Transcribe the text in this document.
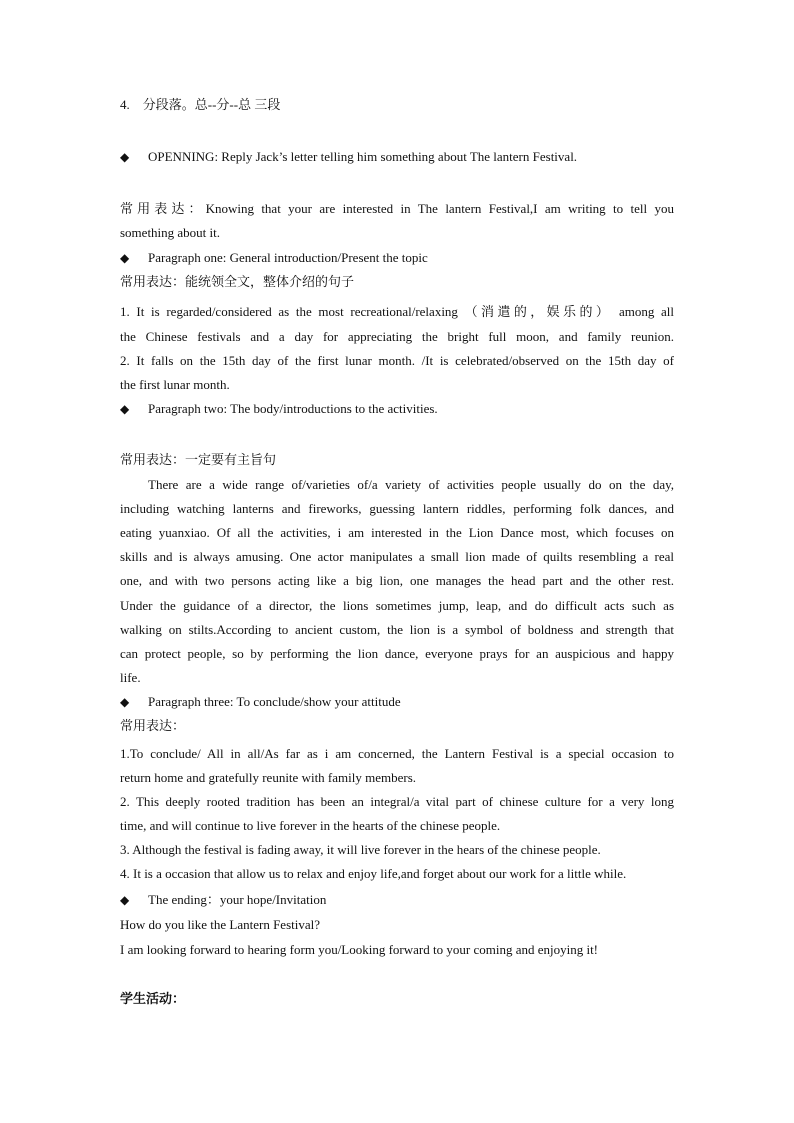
4.    分段落。总--分--总 三段
◆ OPENNING: Reply Jack’s letter telling him something about The lantern Festival.
常用表达：Knowing that your are interested in The lantern Festival,I am writing to tell you
something about it.
◆ Paragraph one: General introduction/Present the topic
常用表达：能统领全文，整体介绍的句子
1. It is regarded/considered as the most recreational/relaxing （消遣的，娱乐的） among all
the Chinese festivals and a day for appreciating the bright full moon, and family reunion.
2. It falls on the 15th day of the first lunar month. /It is celebrated/observed on the 15th day of
the first lunar month.
◆ Paragraph two: The body/introductions to the activities.
常用表达：一定要有主旨句
There are a wide range of/varieties of/a variety of activities people usually do on the day,
including watching lanterns and fireworks, guessing lantern riddles, performing folk dances, and
eating yuanxiao. Of all the activities, i am interested in the Lion Dance most, which focuses on
skills and is always amusing. One actor manipulates a small lion made of quilts resembling a real
one, and with two persons acting like a big lion, one manages the head part and the other rest.
Under the guidance of a director, the lions sometimes jump, leap, and do difficult acts such as
walking on stilts.According to ancient custom, the lion is a symbol of boldness and strength that
can protect people, so by performing the lion dance, everyone prays for an auspicious and happy
life.
◆ Paragraph three: To conclude/show your attitude
常用表达：
1.To conclude/ All in all/As far as i am concerned, the Lantern Festival is a special occasion to
return home and gratefully reunite with family members.
2. This deeply rooted tradition has been an integral/a vital part of chinese culture for a very long
time, and will continue to live forever in the hearts of the chinese people.
3. Although the festival is fading away, it will live forever in the hears of the chinese people.
4. It is a occasion that allow us to relax and enjoy life,and forget about our work for a little while.
◆ The ending：your hope/Invitation
How do you like the Lantern Festival?
I am looking forward to hearing form you/Looking forward to your coming and enjoying it!
学生活动：
